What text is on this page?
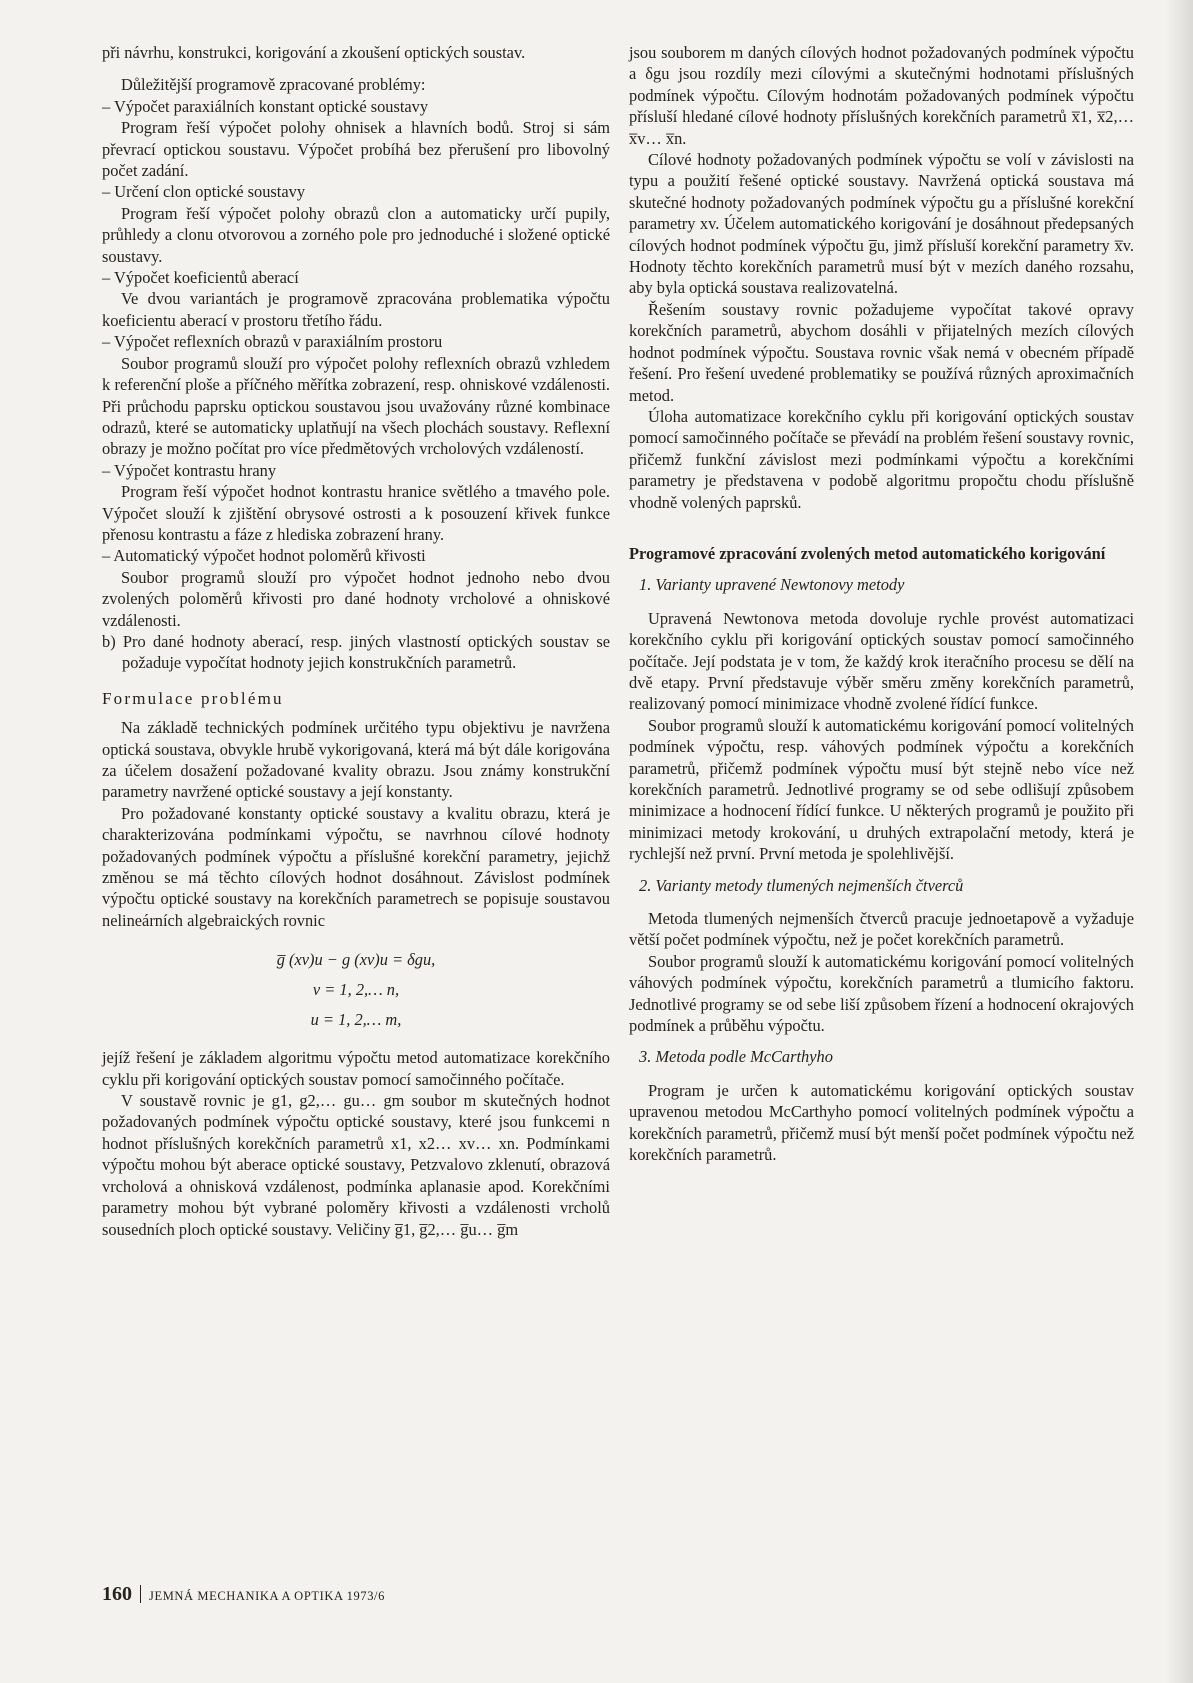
při návrhu, konstrukci, korigování a zkoušení optických soustav.

Důležitější programově zpracované problémy:

– Výpočet paraxiálních konstant optické soustavy

Program řeší výpočet polohy ohnisek a hlavních bodů. Stroj si sám převrací optickou soustavu. Výpočet probíhá bez přerušení pro libovolný počet zadání.

– Určení clon optické soustavy

Program řeší výpočet polohy obrazů clon a automaticky určí pupily, průhledy a clonu otvorovou a zorného pole pro jednoduché i složené optické soustavy.

– Výpočet koeficientů aberací

Ve dvou variantách je programově zpracována problematika výpočtu koeficientu aberací v prostoru třetího řádu.

– Výpočet reflexních obrazů v paraxiálním prostoru

Soubor programů slouží pro výpočet polohy reflexních obrazů vzhledem k referenční ploše a příčného měřítka zobrazení, resp. ohniskové vzdálenosti. Při průchodu paprsku optickou soustavou jsou uvažovány různé kombinace odrazů, které se automaticky uplatňují na všech plochách soustavy. Reflexní obrazy je možno počítat pro více předmětových vrcholových vzdáleností.

– Výpočet kontrastu hrany

Program řeší výpočet hodnot kontrastu hranice světlého a tmavého pole. Výpočet slouží k zjištění obrysové ostrosti a k posouzení křivek funkce přenosu kontrastu a fáze z hlediska zobrazení hrany.

– Automatický výpočet hodnot poloměrů křivosti

Soubor programů slouží pro výpočet hodnot jednoho nebo dvou zvolených poloměrů křivosti pro dané hodnoty vrcholové a ohniskové vzdálenosti.

b) Pro dané hodnoty aberací, resp. jiných vlastností optických soustav se požaduje vypočítat hodnoty jejich konstrukčních parametrů.

Formulace problému

Na základě technických podmínek určitého typu objektivu je navržena optická soustava, obvykle hrubě vykorigovaná, která má být dále korigována za účelem dosažení požadované kvality obrazu. Jsou známy konstrukční parametry navržené optické soustavy a její konstanty.

Pro požadované konstanty optické soustavy a kvalitu obrazu, která je charakterizována podmínkami výpočtu, se navrhnou cílové hodnoty požadovaných podmínek výpočtu a příslušné korekční parametry, jejichž změnou se má těchto cílových hodnot dosáhnout. Závislost podmínek výpočtu optické soustavy na korekčních parametrech se popisuje soustavou nelineárních algebraických rovnic

g̅ (xv)u − g (xv)u = δgu,
v = 1, 2,… n,
u = 1, 2,… m,

jejíž řešení je základem algoritmu výpočtu metod automatizace korekčního cyklu při korigování optických soustav pomocí samočinného počítače.

V soustavě rovnic je g1, g2,… gu… gm soubor m skutečných hodnot požadovaných podmínek výpočtu optické soustavy, které jsou funkcemi n hodnot příslušných korekčních parametrů x1, x2… xv… xn. Podmínkami výpočtu mohou být aberace optické soustavy, Petzvalovo zklenutí, obrazová vrcholová a ohnisková vzdálenost, podmínka aplanasie apod. Korekčními parametry mohou být vybrané poloměry křivosti a vzdálenosti vrcholů sousedních ploch optické soustavy. Veličiny g̅1, g̅2,… g̅u… g̅m

jsou souborem m daných cílových hodnot požadovaných podmínek výpočtu a δgu jsou rozdíly mezi cílovými a skutečnými hodnotami příslušných podmínek výpočtu. Cílovým hodnotám požadovaných podmínek výpočtu přísluší hledané cílové hodnoty příslušných korekčních parametrů x̅1, x̅2,… x̅v… x̅n.

Cílové hodnoty požadovaných podmínek výpočtu se volí v závislosti na typu a použití řešené optické soustavy. Navržená optická soustava má skutečné hodnoty požadovaných podmínek výpočtu gu a příslušné korekční parametry xv. Účelem automatického korigování je dosáhnout předepsaných cílových hodnot podmínek výpočtu g̅u, jimž přísluší korekční parametry x̅v. Hodnoty těchto korekčních parametrů musí být v mezích daného rozsahu, aby byla optická soustava realizovatelná.

Řešením soustavy rovnic požadujeme vypočítat takové opravy korekčních parametrů, abychom dosáhli v přijatelných mezích cílových hodnot podmínek výpočtu. Soustava rovnic však nemá v obecném případě řešení. Pro řešení uvedené problematiky se používá různých aproximačních metod.

Úloha automatizace korekčního cyklu při korigování optických soustav pomocí samočinného počítače se převádí na problém řešení soustavy rovnic, přičemž funkční závislost mezi podmínkami výpočtu a korekčními parametry je představena v podobě algoritmu propočtu chodu příslušně vhodně volených paprsků.

Programové zpracování zvolených metod automatického korigování

1. Varianty upravené Newtonovy metody

Upravená Newtonova metoda dovoluje rychle provést automatizaci korekčního cyklu při korigování optických soustav pomocí samočinného počítače. Její podstata je v tom, že každý krok iteračního procesu se dělí na dvě etapy. První představuje výběr směru změny korekčních parametrů, realizovaný pomocí minimizace vhodně zvolené řídící funkce.

Soubor programů slouží k automatickému korigování pomocí volitelných podmínek výpočtu, resp. váhových podmínek výpočtu a korekčních parametrů, přičemž podmínek výpočtu musí být stejně nebo více než korekčních parametrů. Jednotlivé programy se od sebe odlišují způsobem minimizace a hodnocení řídící funkce. U některých programů je použito při minimizaci metody krokování, u druhých extrapolační metody, která je rychlejší než první. První metoda je spolehlivější.

2. Varianty metody tlumených nejmenších čtverců

Metoda tlumených nejmenších čtverců pracuje jednoetapově a vyžaduje větší počet podmínek výpočtu, než je počet korekčních parametrů.

Soubor programů slouží k automatickému korigování pomocí volitelných váhových podmínek výpočtu, korekčních parametrů a tlumicího faktoru. Jednotlivé programy se od sebe liší způsobem řízení a hodnocení okrajových podmínek a průběhu výpočtu.

3. Metoda podle McCarthyho

Program je určen k automatickému korigování optických soustav upravenou metodou McCarthyho pomocí volitelných podmínek výpočtu a korekčních parametrů, přičemž musí být menší počet podmínek výpočtu než korekčních parametrů.

160 JEMNÁ MECHANIKA A OPTIKA 1973/6
